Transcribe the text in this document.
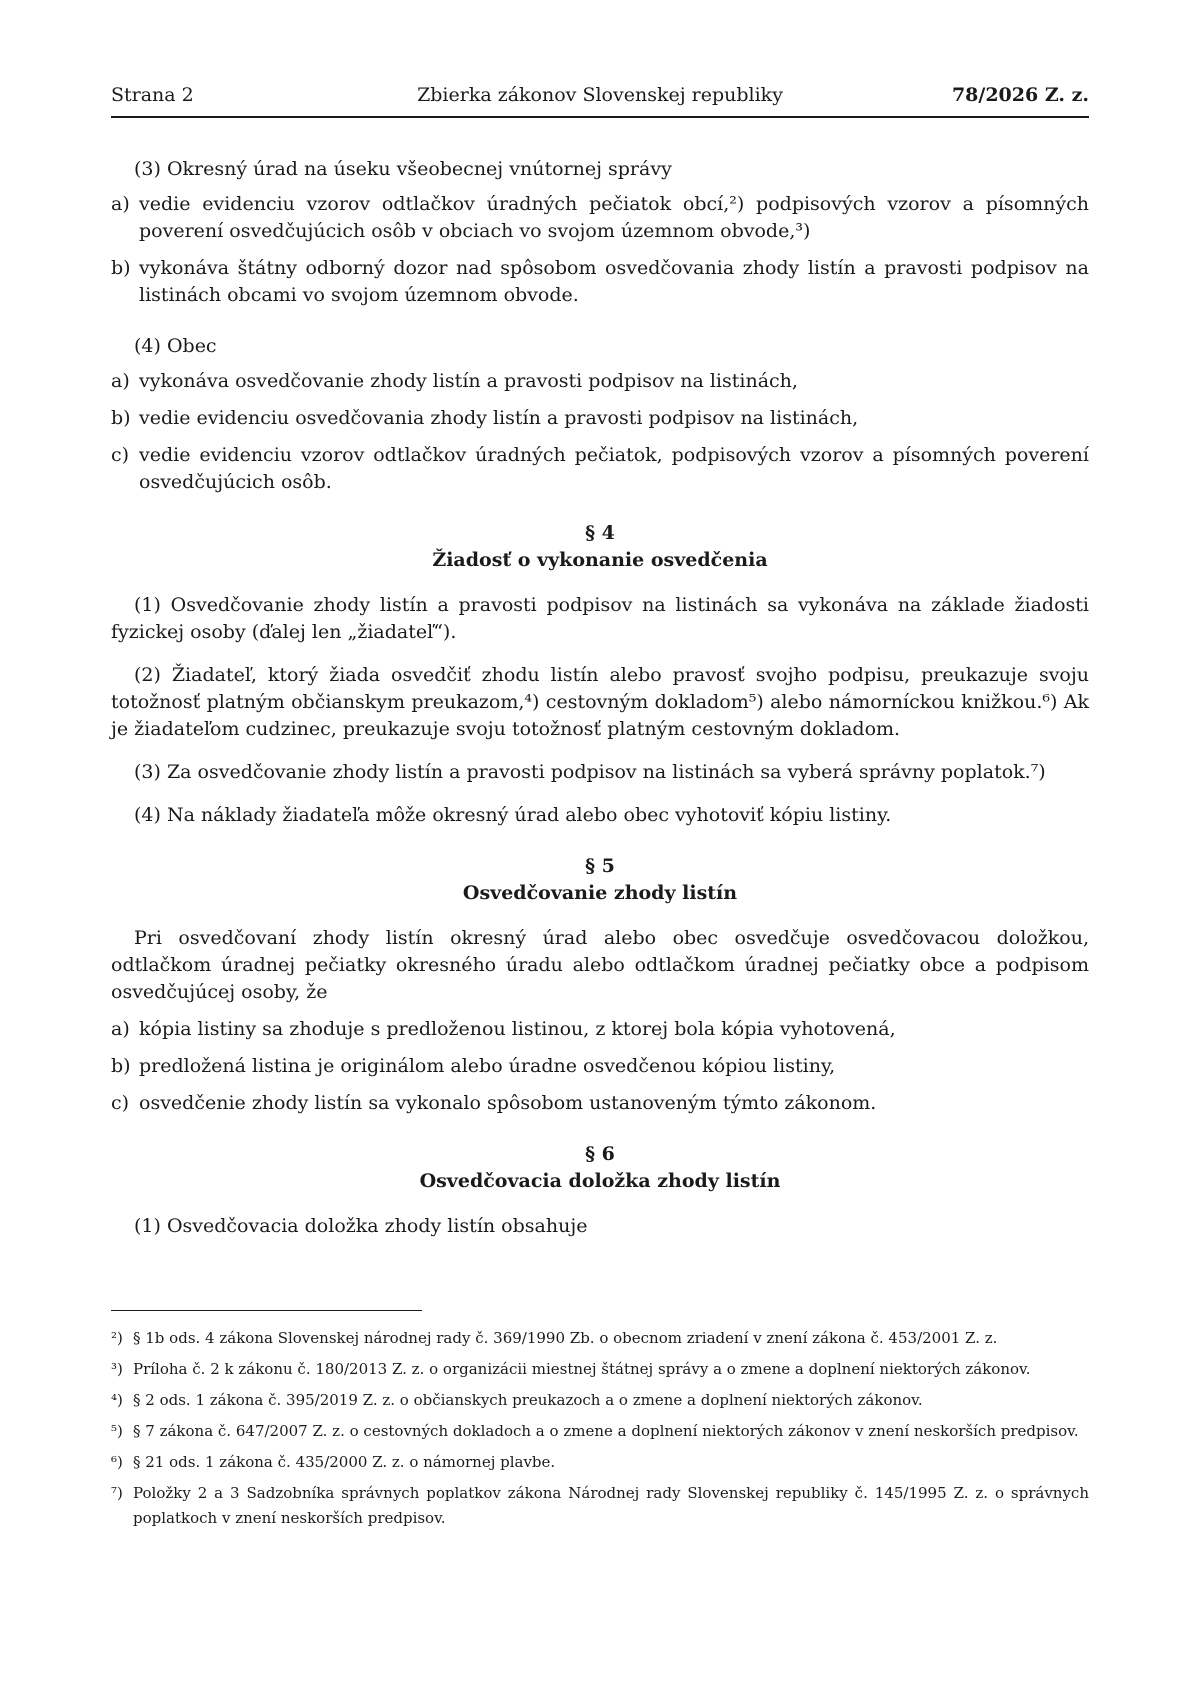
Strana 2	Zbierka zákonov Slovenskej republiky	78/2026 Z. z.

(3) Okresný úrad na úseku všeobecnej vnútornej správy

a) vedie evidenciu vzorov odtlačkov úradných pečiatok obcí,²) podpisových vzorov a písomných poverení osvedčujúcich osôb v obciach vo svojom územnom obvode,³)
b) vykonáva štátny odborný dozor nad spôsobom osvedčovania zhody listín a pravosti podpisov na listinách obcami vo svojom územnom obvode.

(4) Obec

a) vykonáva osvedčovanie zhody listín a pravosti podpisov na listinách,
b) vedie evidenciu osvedčovania zhody listín a pravosti podpisov na listinách,
c) vedie evidenciu vzorov odtlačkov úradných pečiatok, podpisových vzorov a písomných poverení osvedčujúcich osôb.

§ 4

Žiadosť o vykonanie osvedčenia

(1) Osvedčovanie zhody listín a pravosti podpisov na listinách sa vykonáva na základe žiadosti fyzickej osoby (ďalej len „žiadateľ“).

(2) Žiadateľ, ktorý žiada osvedčiť zhodu listín alebo pravosť svojho podpisu, preukazuje svoju totožnosť platným občianskym preukazom,⁴) cestovným dokladom⁵) alebo námorníckou knižkou.⁶) Ak je žiadateľom cudzinec, preukazuje svoju totožnosť platným cestovným dokladom.

(3) Za osvedčovanie zhody listín a pravosti podpisov na listinách sa vyberá správny poplatok.⁷)

(4) Na náklady žiadateľa môže okresný úrad alebo obec vyhotoviť kópiu listiny.

§ 5

Osvedčovanie zhody listín

Pri osvedčovaní zhody listín okresný úrad alebo obec osvedčuje osvedčovacou doložkou, odtlačkom úradnej pečiatky okresného úradu alebo odtlačkom úradnej pečiatky obce a podpisom osvedčujúcej osoby, že

a) kópia listiny sa zhoduje s predloženou listinou, z ktorej bola kópia vyhotovená,
b) predložená listina je originálom alebo úradne osvedčenou kópiou listiny,
c) osvedčenie zhody listín sa vykonalo spôsobom ustanoveným týmto zákonom.

§ 6

Osvedčovacia doložka zhody listín

(1) Osvedčovacia doložka zhody listín obsahuje

²) § 1b ods. 4 zákona Slovenskej národnej rady č. 369/1990 Zb. o obecnom zriadení v znení zákona č. 453/2001 Z. z.
³) Príloha č. 2 k zákonu č. 180/2013 Z. z. o organizácii miestnej štátnej správy a o zmene a doplnení niektorých zákonov.
⁴) § 2 ods. 1 zákona č. 395/2019 Z. z. o občianskych preukazoch a o zmene a doplnení niektorých zákonov.
⁵) § 7 zákona č. 647/2007 Z. z. o cestovných dokladoch a o zmene a doplnení niektorých zákonov v znení neskorších predpisov.
⁶) § 21 ods. 1 zákona č. 435/2000 Z. z. o námornej plavbe.
⁷) Položky 2 a 3 Sadzobníka správnych poplatkov zákona Národnej rady Slovenskej republiky č. 145/1995 Z. z. o správnych poplatkoch v znení neskorších predpisov.
